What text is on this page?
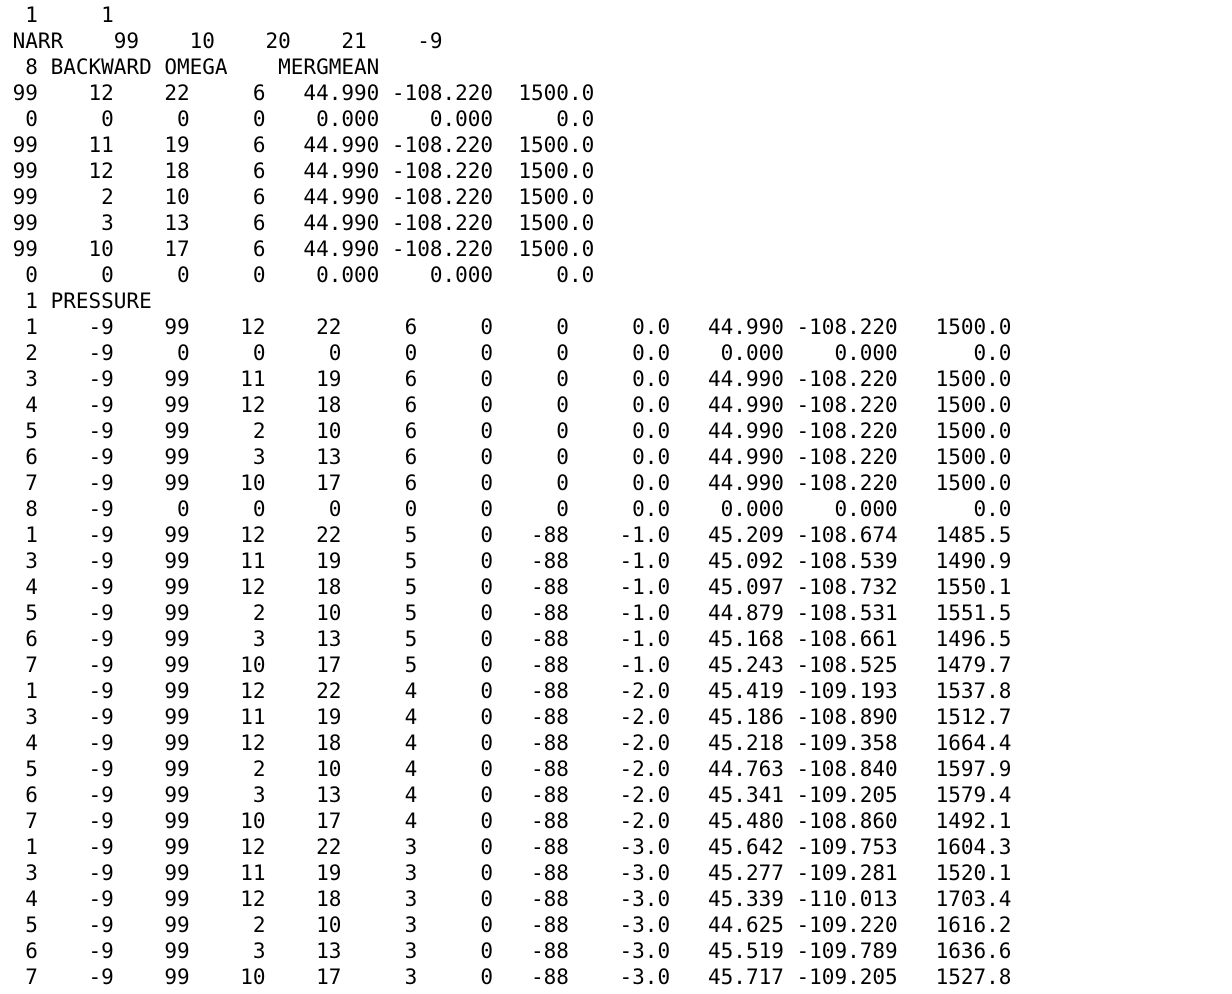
1     1
NARR    99    10    20    21    -9
8 BACKWARD OMEGA    MERGMEAN
99    12    22     6   44.990 -108.220  1500.0
0     0     0     0    0.000    0.000     0.0
99    11    19     6   44.990 -108.220  1500.0
99    12    18     6   44.990 -108.220  1500.0
99     2    10     6   44.990 -108.220  1500.0
99     3    13     6   44.990 -108.220  1500.0
99    10    17     6   44.990 -108.220  1500.0
0     0     0     0    0.000    0.000     0.0
1 PRESSURE
1    -9    99    12    22     6     0     0     0.0   44.990 -108.220   1500.0
2    -9     0     0     0     0     0     0     0.0    0.000    0.000      0.0
3    -9    99    11    19     6     0     0     0.0   44.990 -108.220   1500.0
4    -9    99    12    18     6     0     0     0.0   44.990 -108.220   1500.0
5    -9    99     2    10     6     0     0     0.0   44.990 -108.220   1500.0
6    -9    99     3    13     6     0     0     0.0   44.990 -108.220   1500.0
7    -9    99    10    17     6     0     0     0.0   44.990 -108.220   1500.0
8    -9     0     0     0     0     0     0     0.0    0.000    0.000      0.0
1    -9    99    12    22     5     0   -88    -1.0   45.209 -108.674   1485.5
3    -9    99    11    19     5     0   -88    -1.0   45.092 -108.539   1490.9
4    -9    99    12    18     5     0   -88    -1.0   45.097 -108.732   1550.1
5    -9    99     2    10     5     0   -88    -1.0   44.879 -108.531   1551.5
6    -9    99     3    13     5     0   -88    -1.0   45.168 -108.661   1496.5
7    -9    99    10    17     5     0   -88    -1.0   45.243 -108.525   1479.7
1    -9    99    12    22     4     0   -88    -2.0   45.419 -109.193   1537.8
3    -9    99    11    19     4     0   -88    -2.0   45.186 -108.890   1512.7
4    -9    99    12    18     4     0   -88    -2.0   45.218 -109.358   1664.4
5    -9    99     2    10     4     0   -88    -2.0   44.763 -108.840   1597.9
6    -9    99     3    13     4     0   -88    -2.0   45.341 -109.205   1579.4
7    -9    99    10    17     4     0   -88    -2.0   45.480 -108.860   1492.1
1    -9    99    12    22     3     0   -88    -3.0   45.642 -109.753   1604.3
3    -9    99    11    19     3     0   -88    -3.0   45.277 -109.281   1520.1
4    -9    99    12    18     3     0   -88    -3.0   45.339 -110.013   1703.4
5    -9    99     2    10     3     0   -88    -3.0   44.625 -109.220   1616.2
6    -9    99     3    13     3     0   -88    -3.0   45.519 -109.789   1636.6
7    -9    99    10    17     3     0   -88    -3.0   45.717 -109.205   1527.8
